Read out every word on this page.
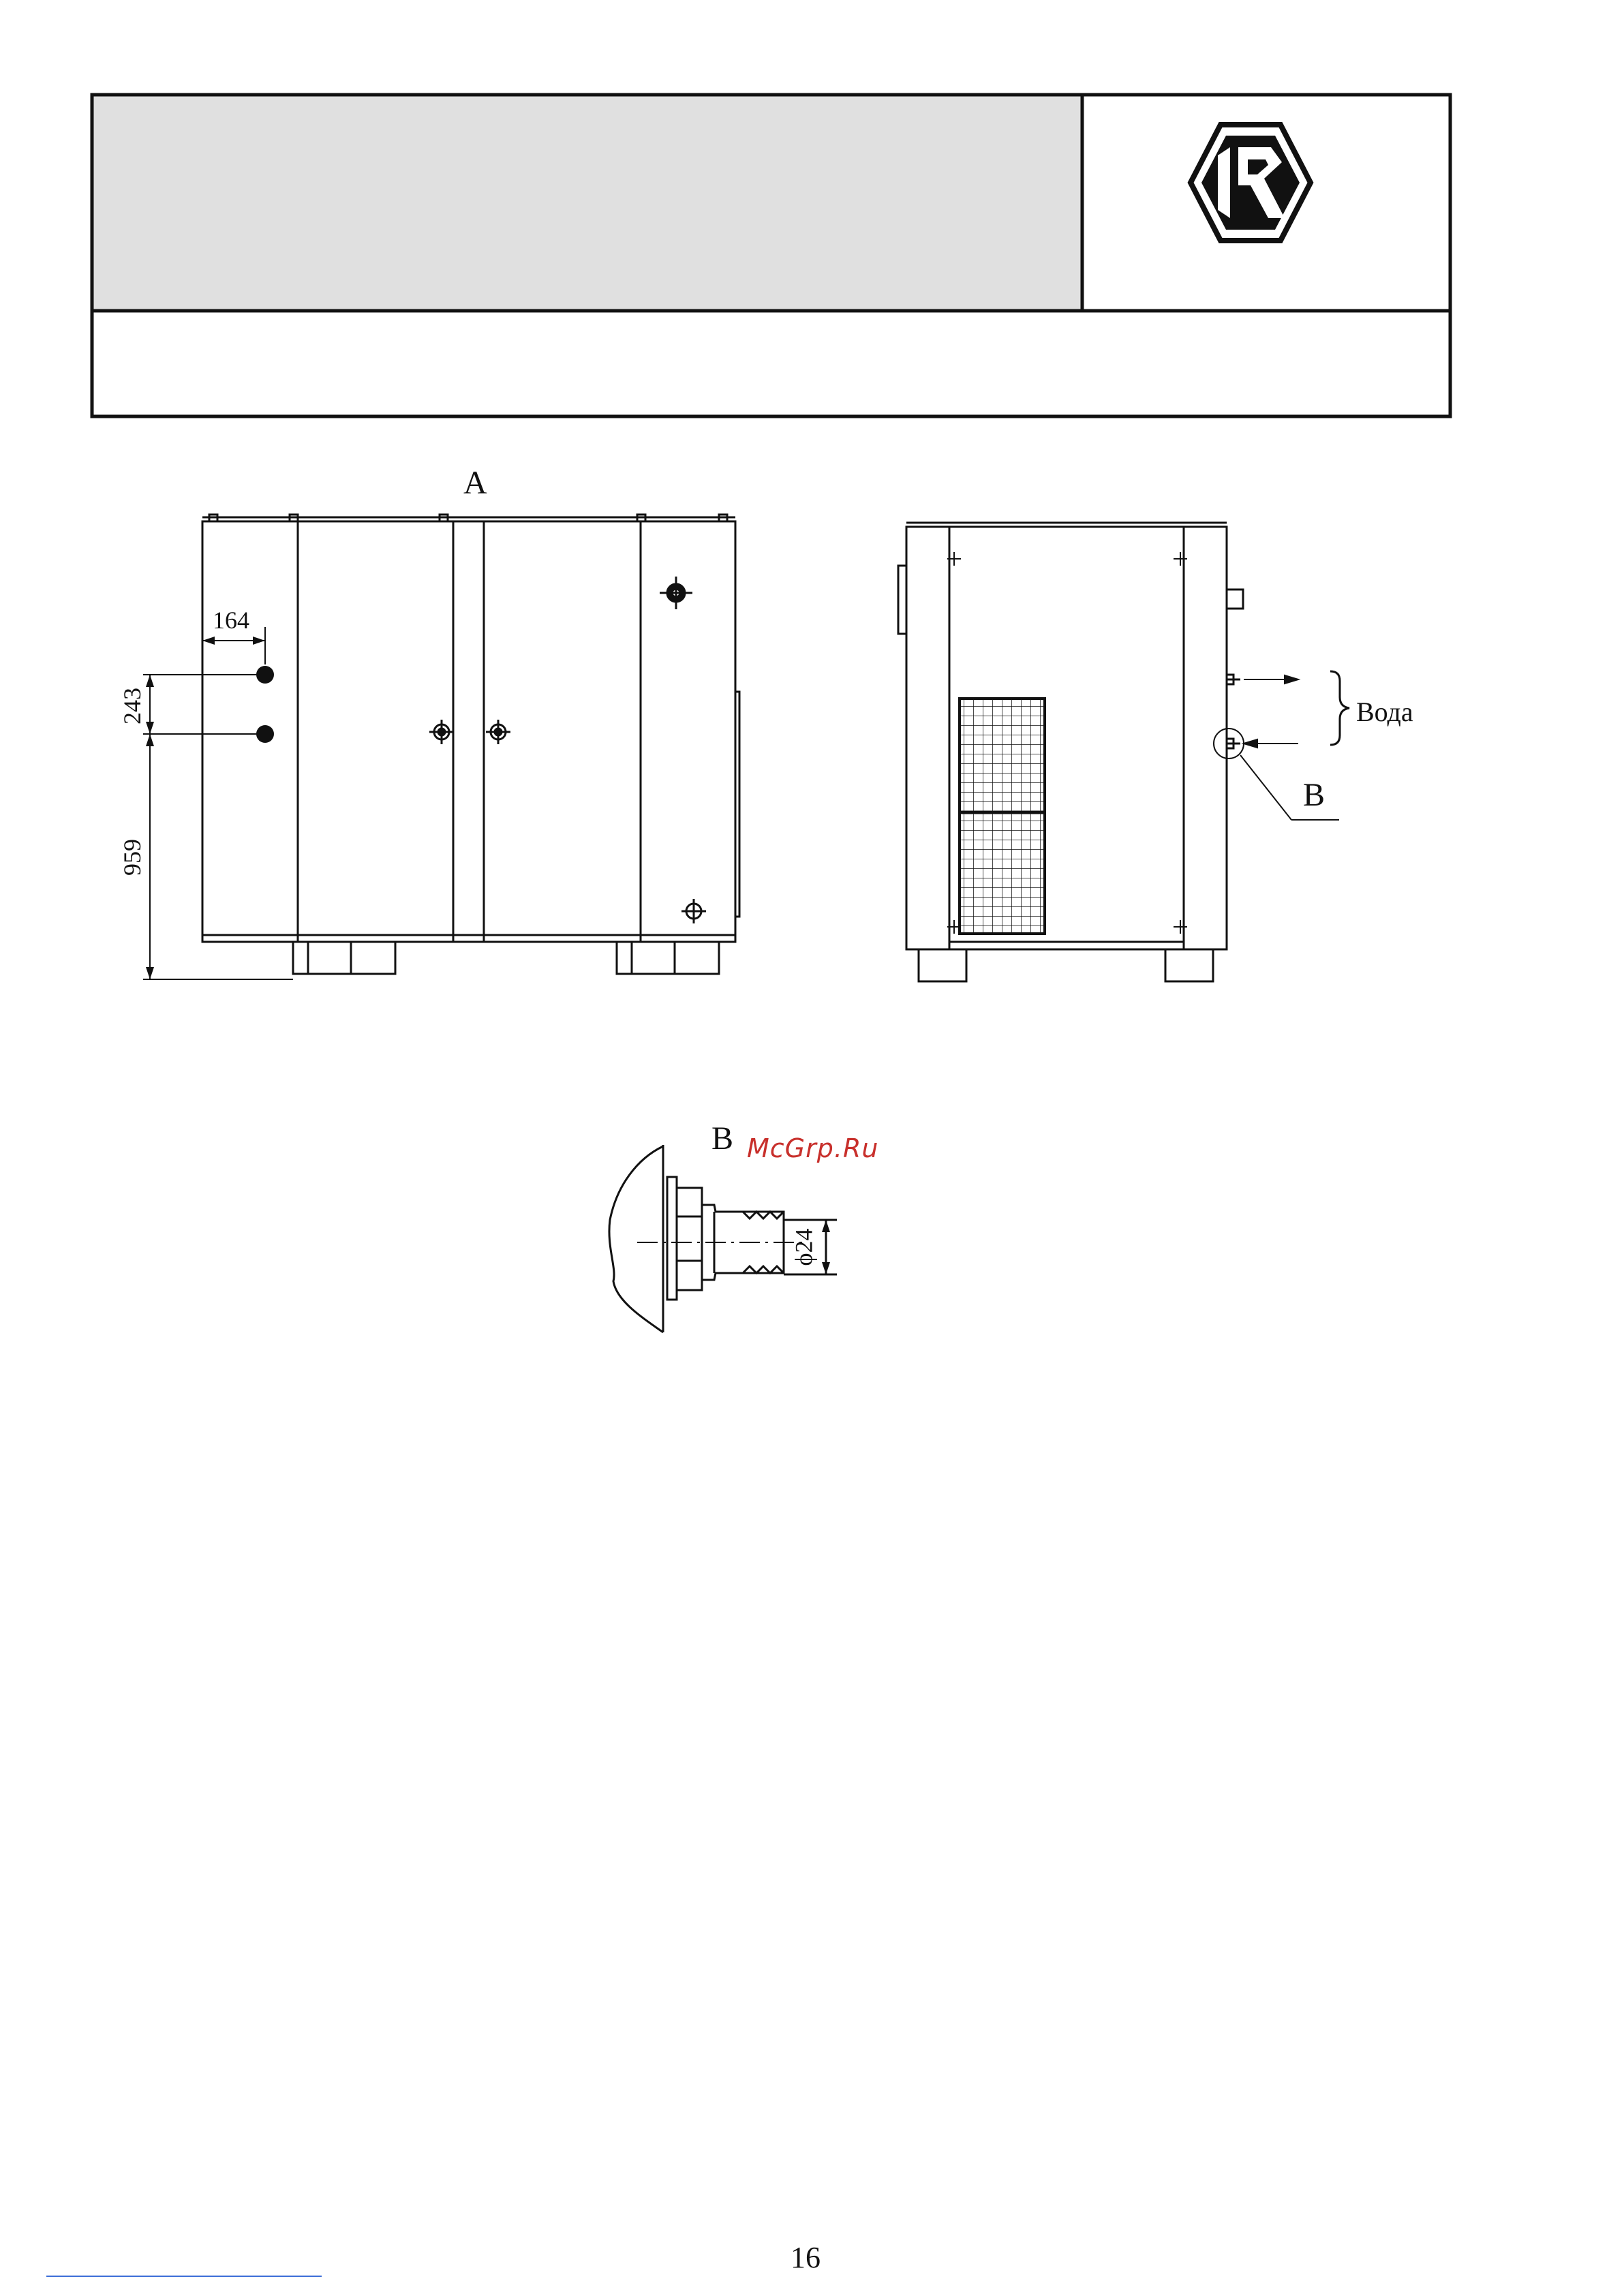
A
164
243
959
Вода
B
B
ϕ24
McGrp.Ru
16
